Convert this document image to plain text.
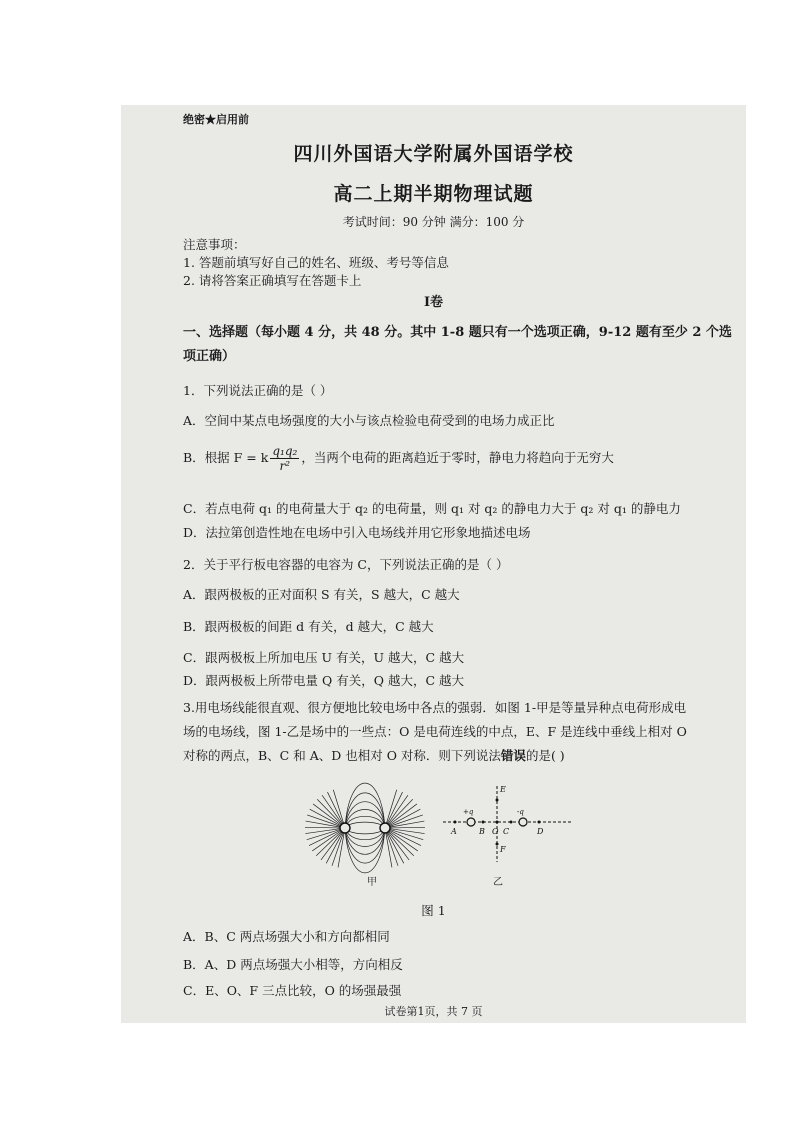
绝密★启用前
四川外国语大学附属外国语学校
高二上期半期物理试题
考试时间：90 分钟 满分：100 分
注意事项：
1. 答题前填写好自己的姓名、班级、考号等信息
2. 请将答案正确填写在答题卡上
I卷
一、选择题（每小题 4 分，共 48 分。其中 1-8 题只有一个选项正确，9-12 题有至少 2 个选
项正确）
1．下列说法正确的是（ ）
A．空间中某点电场强度的大小与该点检验电荷受到的电场力成正比
B．根据 F = k $\frac{\text{q₁q₂}}{\text{r²}}$ ，当两个电荷的距离趋近于零时，静电力将趋向于无穷大
C．若点电荷 q₁ 的电荷量大于 q₂ 的电荷量，则 q₁ 对 q₂ 的静电力大于 q₂ 对 q₁ 的静电力
D．法拉第创造性地在电场中引入电场线并用它形象地描述电场
2．关于平行板电容器的电容为 C，下列说法正确的是（ ）
A．跟两极板的正对面积 S 有关，S 越大，C 越大
B．跟两极板的间距 d 有关，d 越大，C 越大
C．跟两极板上所加电压 U 有关，U 越大，C 越大
D．跟两极板上所带电量 Q 有关，Q 越大，C 越大
3.用电场线能很直观、很方便地比较电场中各点的强弱．如图 1-甲是等量异种点电荷形成电
场的电场线，图 1-乙是场中的一些点：O 是电荷连线的中点，E、F 是连线中垂线上相对 O
对称的两点，B、C 和 A、D 也相对 O 对称．则下列说法错误的是( )
甲
A	B O C	D
E
F
+q	-q
乙
图 1
A．B、C 两点场强大小和方向都相同
B．A、D 两点场强大小相等，方向相反
C．E、O、F 三点比较，O 的场强最强
试卷第1页，共 7 页
